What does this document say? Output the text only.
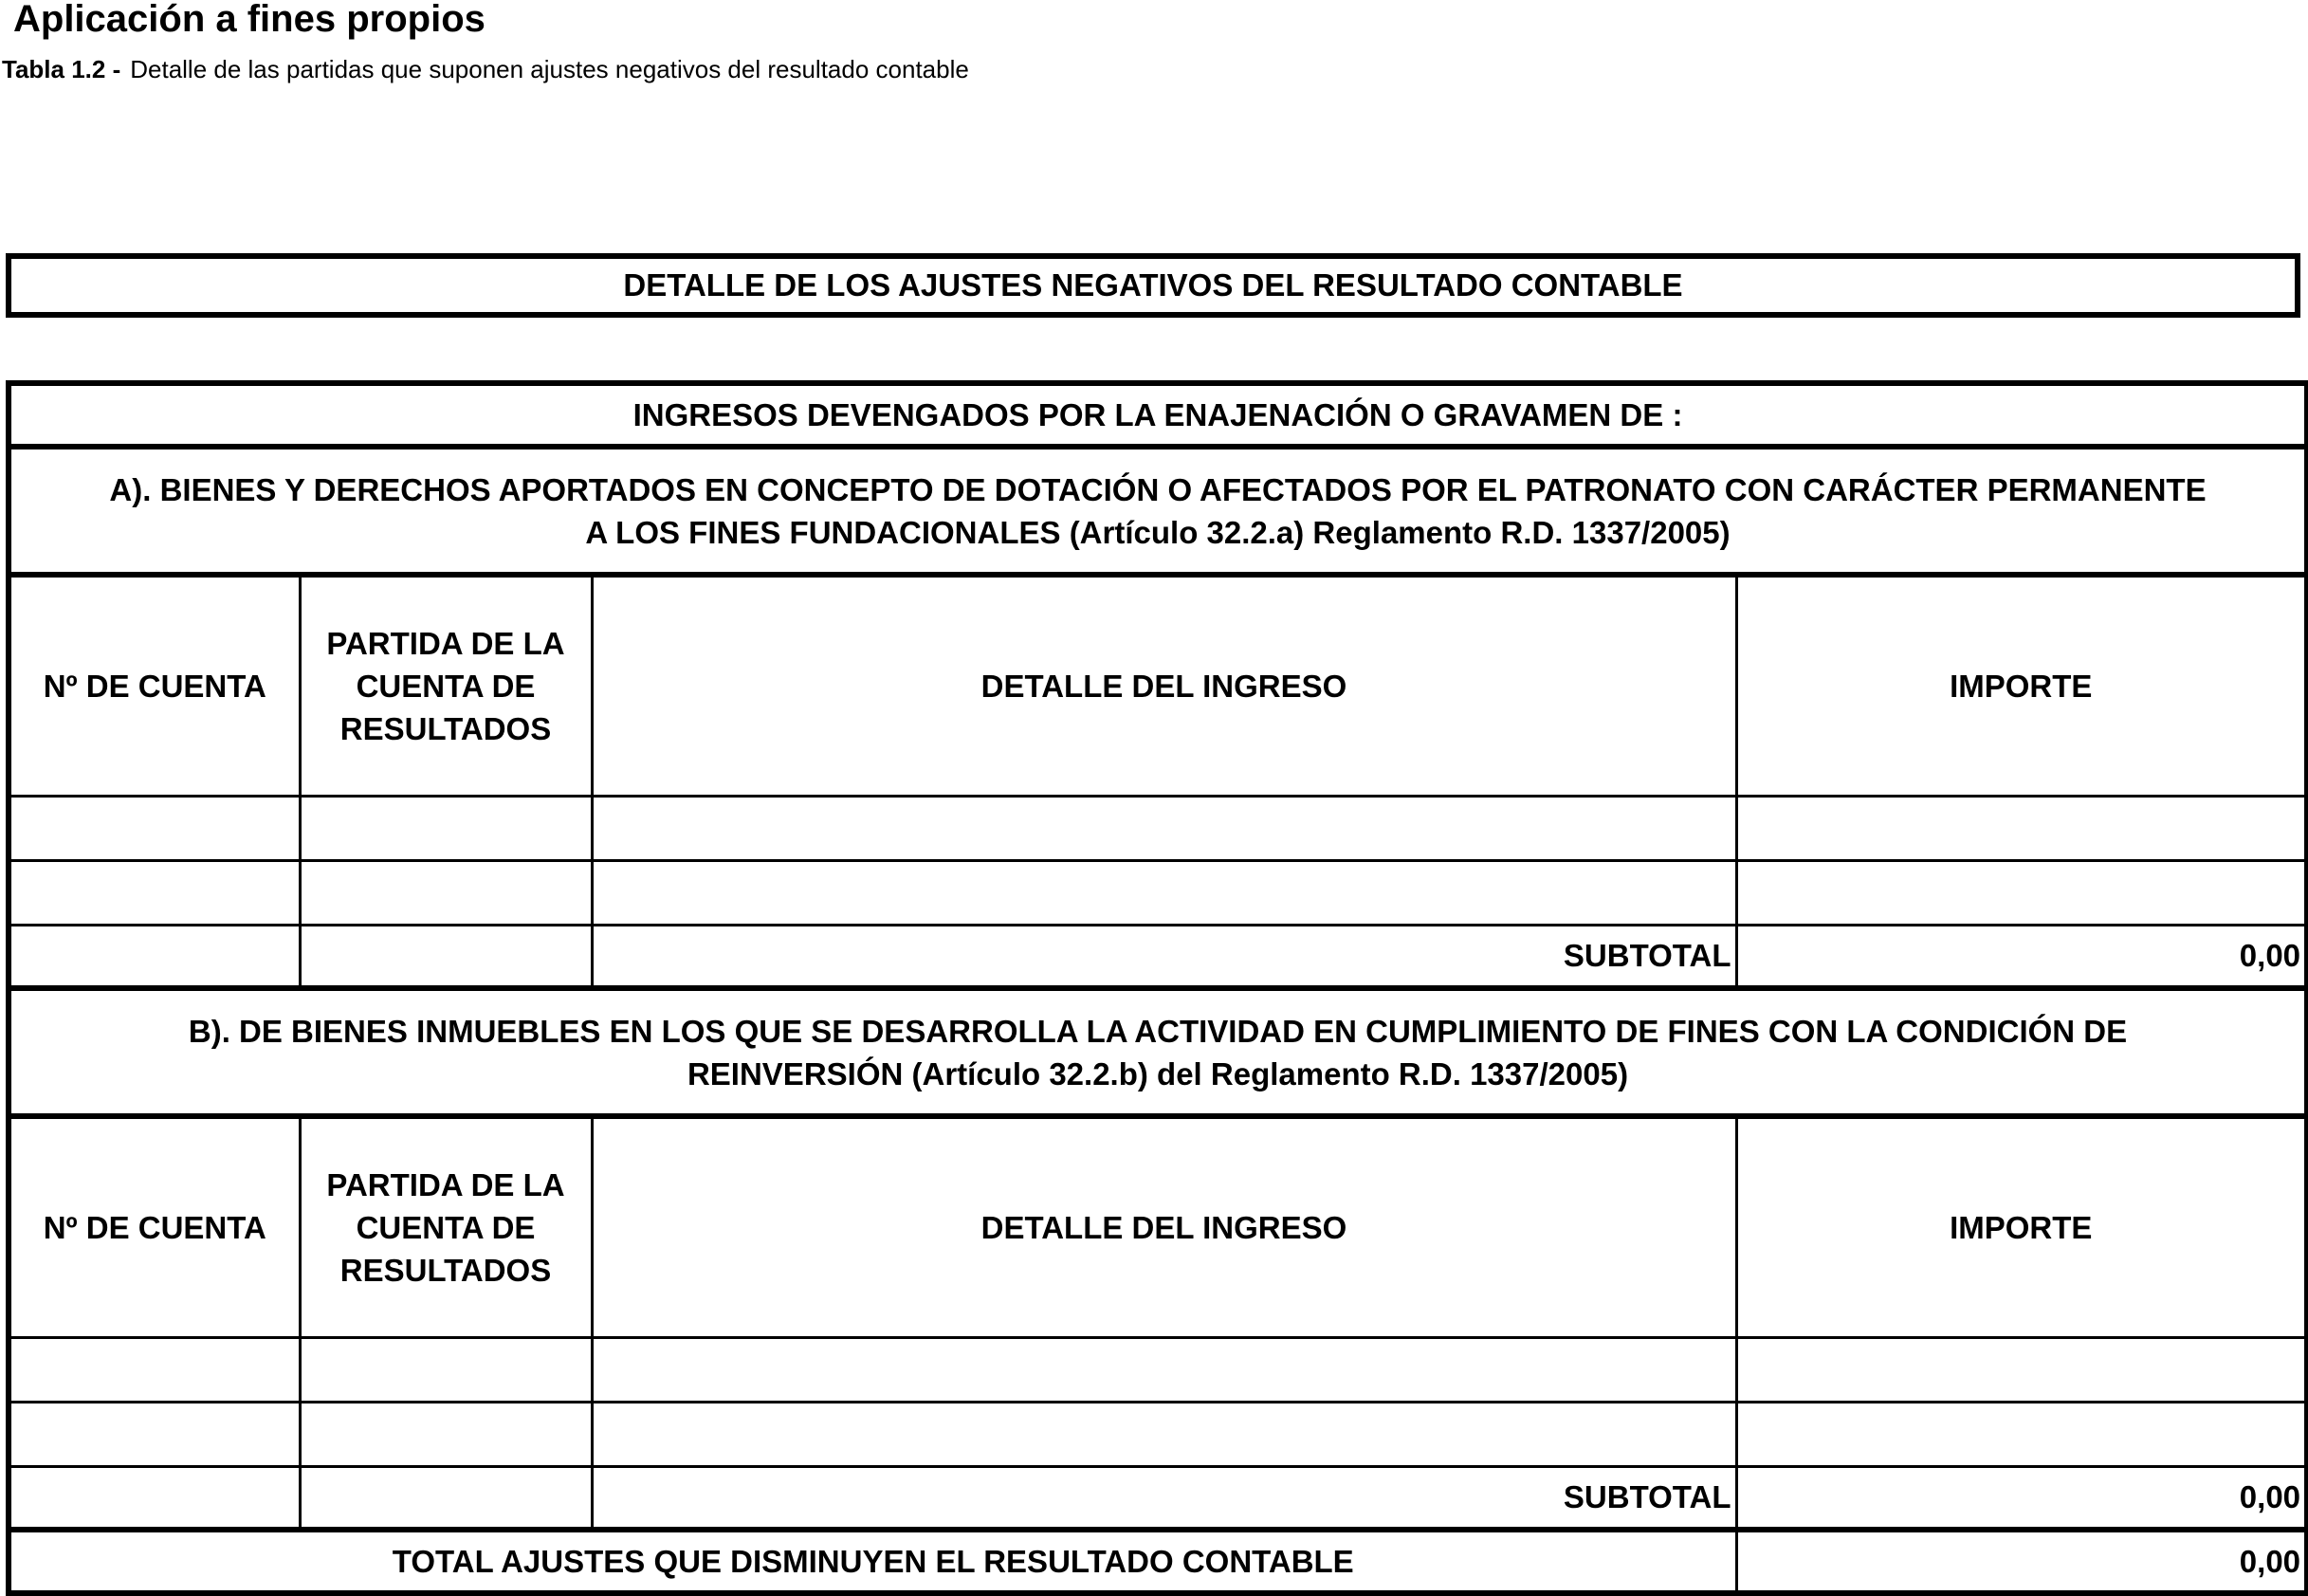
Aplicación a fines propios
Tabla 1.2 - Detalle de las partidas que suponen ajustes negativos del resultado contable
DETALLE DE LOS AJUSTES NEGATIVOS DEL RESULTADO CONTABLE
INGRESOS DEVENGADOS POR LA ENAJENACIÓN O GRAVAMEN DE :			

A). BIENES Y DERECHOS APORTADOS EN CONCEPTO DE DOTACIÓN O AFECTADOS POR EL PATRONATO CON CARÁCTER PERMANENTE
A LOS FINES FUNDACIONALES (Artículo 32.2.a) Reglamento R.D. 1337/2005)			

Nº DE CUENTA	PARTIDA DE LA CUENTA DE RESULTADOS	DETALLE DEL INGRESO	IMPORTE

		SUBTOTAL	0,00

B). DE BIENES INMUEBLES EN LOS QUE SE DESARROLLA LA ACTIVIDAD EN CUMPLIMIENTO DE FINES CON LA CONDICIÓN DE
REINVERSIÓN (Artículo 32.2.b) del Reglamento R.D. 1337/2005)			

Nº DE CUENTA	PARTIDA DE LA CUENTA DE RESULTADOS	DETALLE DEL INGRESO	IMPORTE

		SUBTOTAL	0,00
TOTAL AJUSTES QUE DISMINUYEN EL RESULTADO CONTABLE			0,00
